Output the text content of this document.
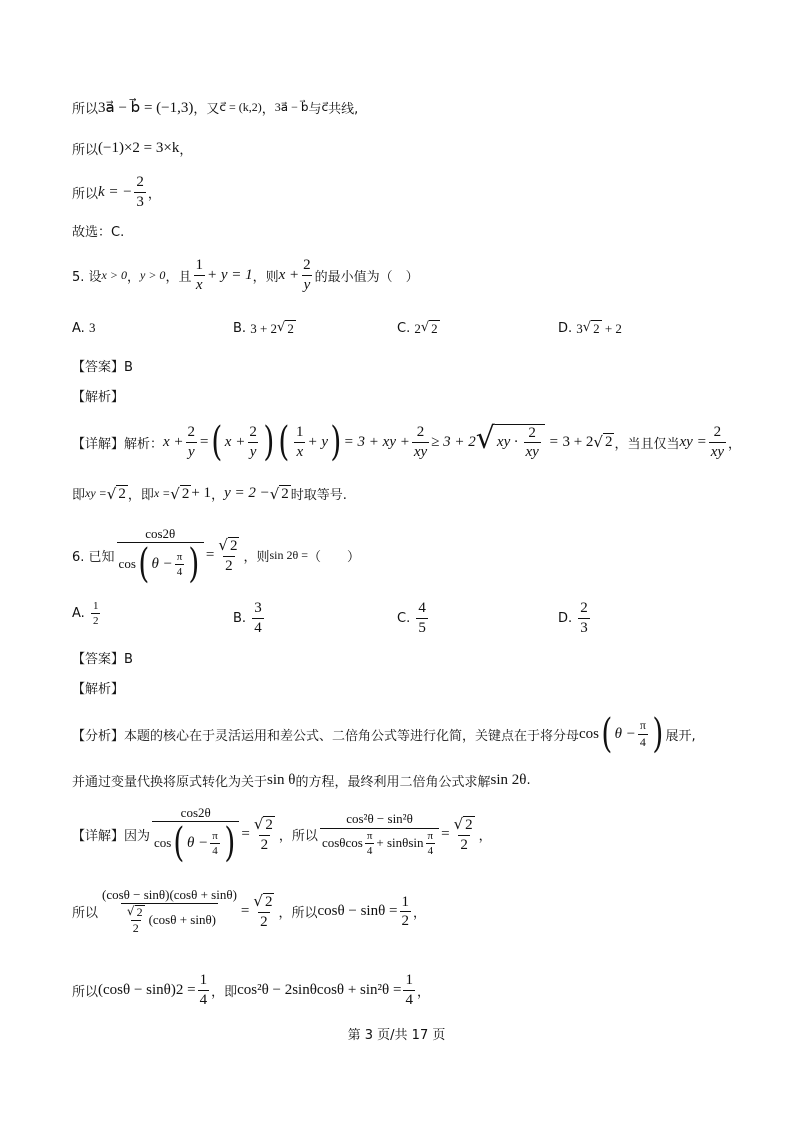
所以 3a⃗ − b⃗ = (−1,3) ，又 c⃗ = (k,2) ， 3a⃗ − b⃗ 与 c⃗ 共线,
所以 (−1)×2 = 3×k ，
所以 k = − $\frac{2}{3}$ ，
故选：C.
5. 设 x > 0 ， y > 0 ，且 $\frac{1}{x} + y = 1$ ，则 $x + \frac{2}{y}$ 的最小值为（　）
A.
3	B.
3 + 2 √ 2	C.
2 √ 2	D.
3 √ 2
+ 2
【答案】B
【解析】
【详解】解析： $x + \frac{2}{y}$ = ( $x + \frac{2}{y}$ ) ( $\frac{1}{x} + y$ ) = 3 + xy + $\frac{2}{xy} \ge 3 + 2$ √ xy · $\frac{2}{xy} = 3 + 2$ √ 2 ，当且仅当 xy = $\frac{2}{xy}$ ，
即 xy = √ 2 ，即 x = √ 2 + 1 ， y = 2 − √ 2 时取等号.
6. 已知 $\frac{\cos 2\theta}{\cos ( \theta - \frac{\pi}{4} )} = \frac{√ 2}{2}$ ，则 sin 2θ = （　　）
A.
$\frac{1}{2}$	B.
$\frac{3}{4}$	C.
$\frac{4}{5}$	D.
$\frac{2}{3}$
【答案】B
【解析】
【分析】本题的核心在于灵活运用和差公式、二倍角公式等进行化简，关键点在于将分母 cos ( $\theta - \frac{\pi}{4}$ ) 展开,
并通过变量代换将原式转化为关于 sin θ 的方程，最终利用二倍角公式求解 sin 2θ .
【详解】因为 $\frac{\cos 2\theta}{\cos ( \theta - \frac{\pi}{4} )} = \frac{√ 2}{2}$ ，所以 $\frac{\text{cos²θ − sin²θ}}{\cos\theta\cos \frac{\pi}{4} + \sin\theta\sin \frac{\pi}{4}} = \frac{√ 2}{2}$ ，
所以 $\frac{(\cos\theta - \sin\theta)(\cos\theta + \sin\theta)}{\frac{√ 2}{2} (\cos\theta + \sin\theta)} = \frac{√ 2}{2}$ ，所以 $\cos\theta - \sin\theta = \frac{1}{2}$ ，
所以 (cosθ − sinθ) 2
= $\frac{1}{4}$ ，即 $\cos^2\theta - 2\sin\theta\cos\theta + \sin^2\theta = \frac{1}{4}$ ，
第 3 页/共 17 页
